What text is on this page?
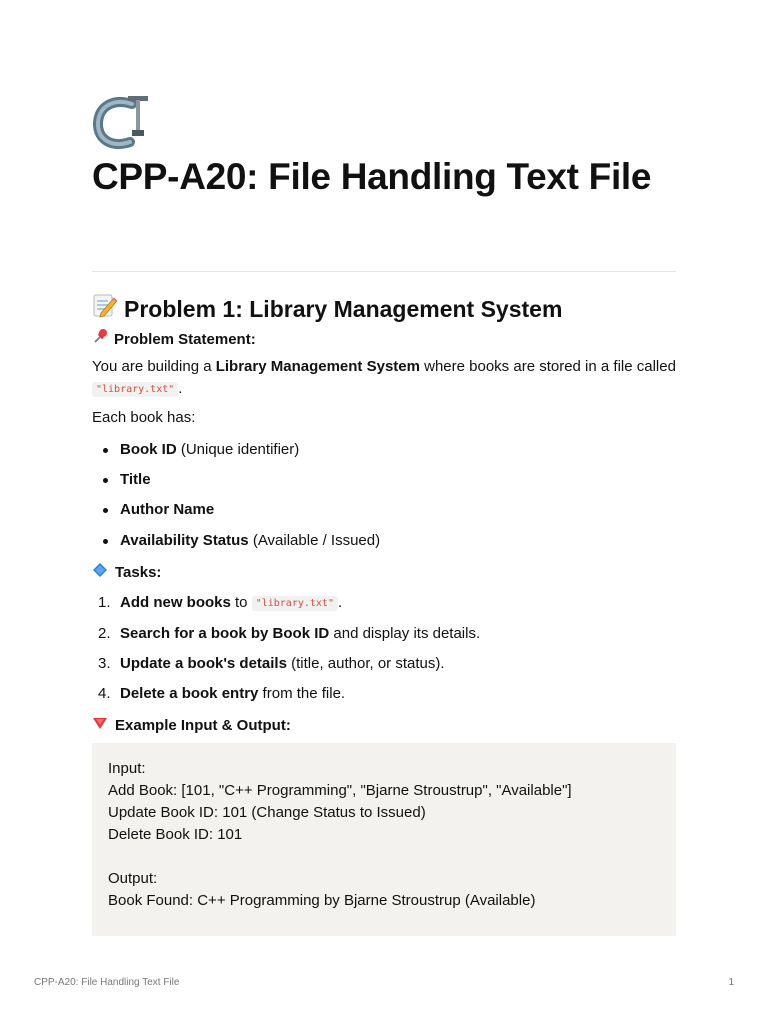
CPP-A20: File Handling Text File
Problem 1: Library Management System
Problem Statement:

You are building a Library Management System where books are stored in a file called "library.txt" .

Each book has:

Book ID (Unique identifier)
Title
Author Name
Availability Status (Available / Issued)
Tasks:
1. Add new books to "library.txt" .
2. Search for a book by Book ID and display its details.
3. Update a book's details (title, author, or status).
4. Delete a book entry from the file.
Example Input & Output:
Input:
Add Book: [101, "C++ Programming", "Bjarne Stroustrup", "Available"]
Update Book ID: 101 (Change Status to Issued)
Delete Book ID: 101
Output:
Book Found: C++ Programming by Bjarne Stroustrup (Available)
CPP-A20: File Handling Text File	1
